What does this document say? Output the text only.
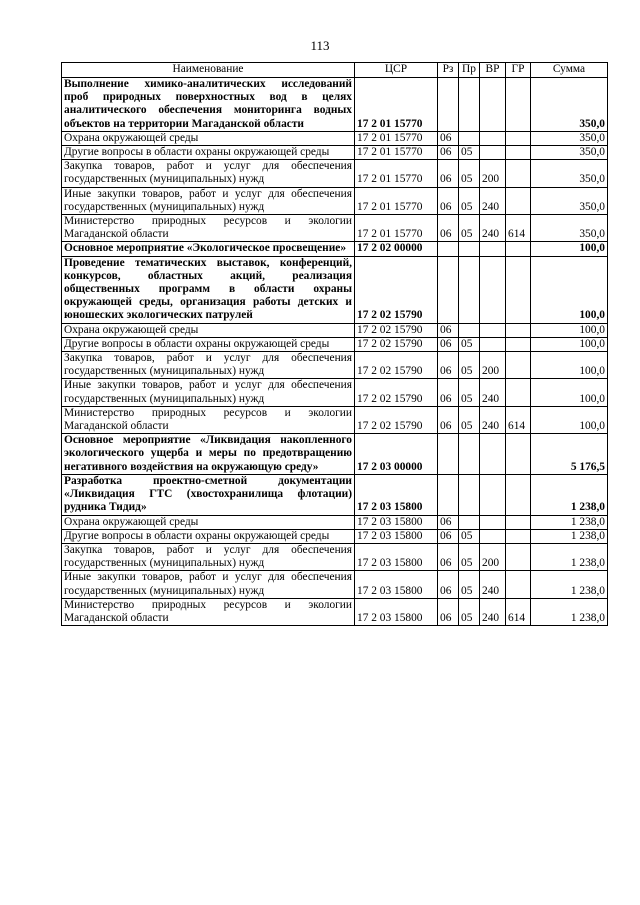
113
Наименование	ЦСР	Рз	Пр	ВР	ГР	Сумма
Выполнение химико-аналитических исследований проб природных поверхностных вод в целях аналитического обеспечения мониторинга водных объектов на территории Магаданской области	17 2 01 15770					350,0
Охрана окружающей среды	17 2 01 15770	06				350,0
Другие вопросы в области охраны окружающей среды	17 2 01 15770	06	05			350,0
Закупка товаров, работ и услуг для обеспечения государственных (муниципальных) нужд	17 2 01 15770	06	05	200		350,0
Иные закупки товаров, работ и услуг для обеспечения государственных (муниципальных) нужд	17 2 01 15770	06	05	240		350,0
Министерство природных ресурсов и экологии Магаданской области	17 2 01 15770	06	05	240	614	350,0
Основное мероприятие «Экологическое просвещение»	17 2 02 00000					100,0
Проведение тематических выставок, конференций, конкурсов, областных акций, реализация общественных программ в области охраны окружающей среды, организация работы детских и юношеских экологических патрулей	17 2 02 15790					100,0
Охрана окружающей среды	17 2 02 15790	06				100,0
Другие вопросы в области охраны окружающей среды	17 2 02 15790	06	05			100,0
Закупка товаров, работ и услуг для обеспечения государственных (муниципальных) нужд	17 2 02 15790	06	05	200		100,0
Иные закупки товаров, работ и услуг для обеспечения государственных (муниципальных) нужд	17 2 02 15790	06	05	240		100,0
Министерство природных ресурсов и экологии Магаданской области	17 2 02 15790	06	05	240	614	100,0
Основное мероприятие «Ликвидация накопленного экологического ущерба и меры по предотвращению негативного воздействия на окружающую среду»	17 2 03 00000					5 176,5
Разработка проектно-сметной документации «Ликвидация ГТС (хвостохранилища флотации) рудника Тидид»	17 2 03 15800					1 238,0
Охрана окружающей среды	17 2 03 15800	06				1 238,0
Другие вопросы в области охраны окружающей среды	17 2 03 15800	06	05			1 238,0
Закупка товаров, работ и услуг для обеспечения государственных (муниципальных) нужд	17 2 03 15800	06	05	200		1 238,0
Иные закупки товаров, работ и услуг для обеспечения государственных (муниципальных) нужд	17 2 03 15800	06	05	240		1 238,0
Министерство природных ресурсов и экологии Магаданской области	17 2 03 15800	06	05	240	614	1 238,0
